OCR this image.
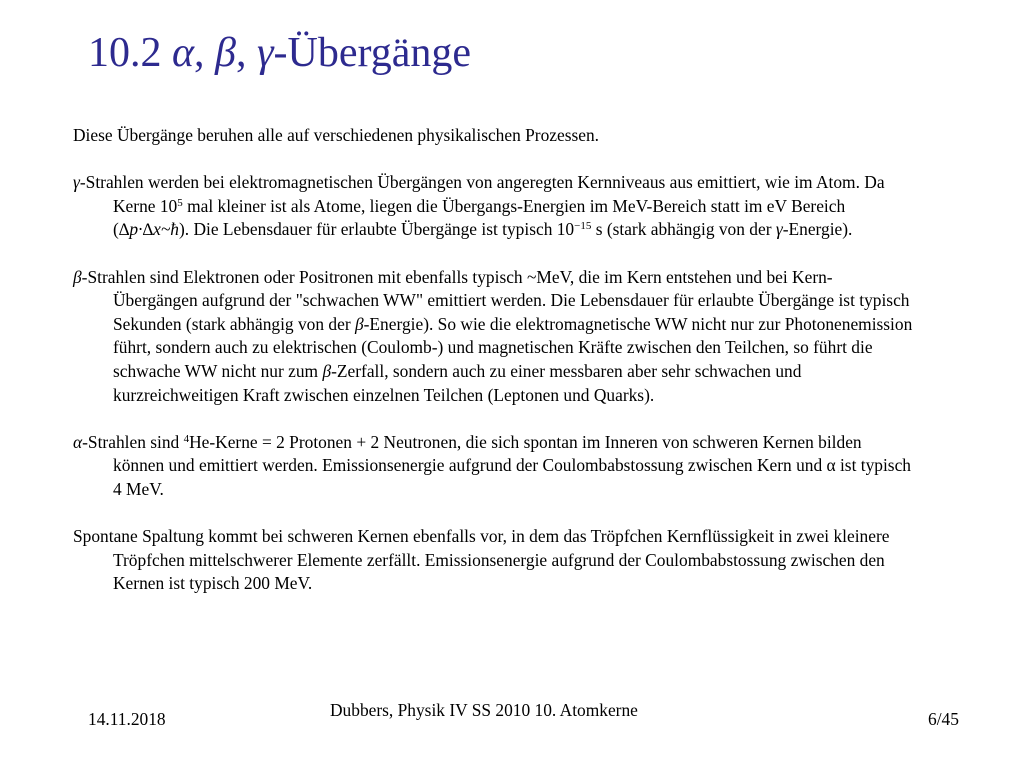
10.2 α, β, γ-Übergänge

Diese Übergänge beruhen alle auf verschiedenen physikalischen Prozessen.

γ-Strahlen werden bei elektromagnetischen Übergängen von angeregten Kernniveaus aus emittiert, wie im Atom. Da Kerne $10^5$ mal kleiner ist als Atome, liegen die Übergangs-Energien im MeV-Bereich statt im eV Bereich (∆p·∆x~ħ). Die Lebensdauer für erlaubte Übergänge ist typisch $10^{-15}$ s (stark abhängig von der γ-Energie).

β-Strahlen sind Elektronen oder Positronen mit ebenfalls typisch ~MeV, die im Kern entstehen und bei Kern-Übergängen aufgrund der "schwachen WW" emittiert werden. Die Lebensdauer für erlaubte Übergänge ist typisch Sekunden (stark abhängig von der β-Energie). So wie die elektromagnetische WW nicht nur zur Photonenemission führt, sondern auch zu elektrischen (Coulomb-) und magnetischen Kräfte zwischen den Teilchen, so führt die schwache WW nicht nur zum β-Zerfall, sondern auch zu einer messbaren aber sehr schwachen und kurzreichweitigen Kraft zwischen einzelnen Teilchen (Leptonen und Quarks).

α-Strahlen sind $^4$He-Kerne = 2 Protonen + 2 Neutronen, die sich spontan im Inneren von schweren Kernen bilden können und emittiert werden. Emissionsenergie aufgrund der Coulombabstossung zwischen Kern und α ist typisch 4 MeV.

Spontane Spaltung kommt bei schweren Kernen ebenfalls vor, in dem das Tröpfchen Kernflüssigkeit in zwei kleinere Tröpfchen mittelschwerer Elemente zerfällt. Emissionsenergie aufgrund der Coulombabstossung zwischen den Kernen ist typisch 200 MeV.

14.11.2018	Dubbers, Physik IV SS 2010 10. Atomkerne	6/45
